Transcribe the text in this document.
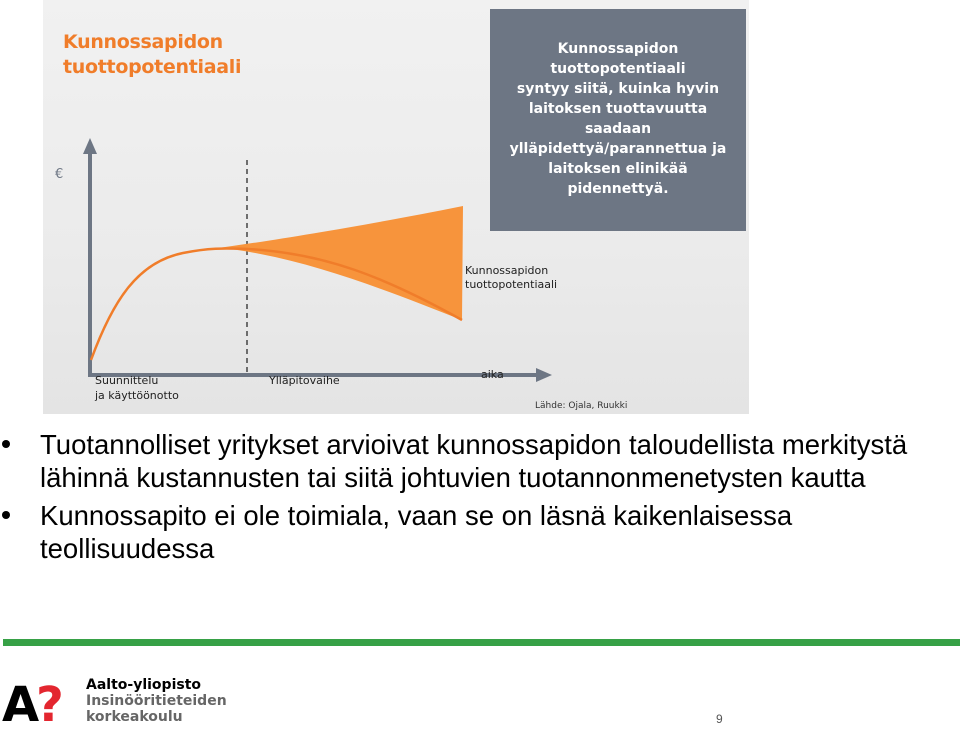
Kunnossapidon
tuottopotentiaali
€
Kunnossapidon
tuottopotentiaali
Suunnittelu
ja käyttöönotto
Ylläpitovaihe	aika
Lähde: Ojala, Ruukki
Kunnossapidon
tuottopotentiaali
syntyy siitä, kuinka hyvin
laitoksen tuottavuutta
saadaan
ylläpidettyä/parannettua ja
laitoksen elinikää
pidennettyä.
Tuotannolliset yritykset arvioivat kunnossapidon taloudellista merkitystä lähinnä kustannusten tai siitä johtuvien tuotannonmenetysten kautta
Kunnossapito ei ole toimiala, vaan se on läsnä kaikenlaisessa teollisuudessa
A
? Aalto-yliopisto
Insinööritieteiden
korkeakoulu	9
